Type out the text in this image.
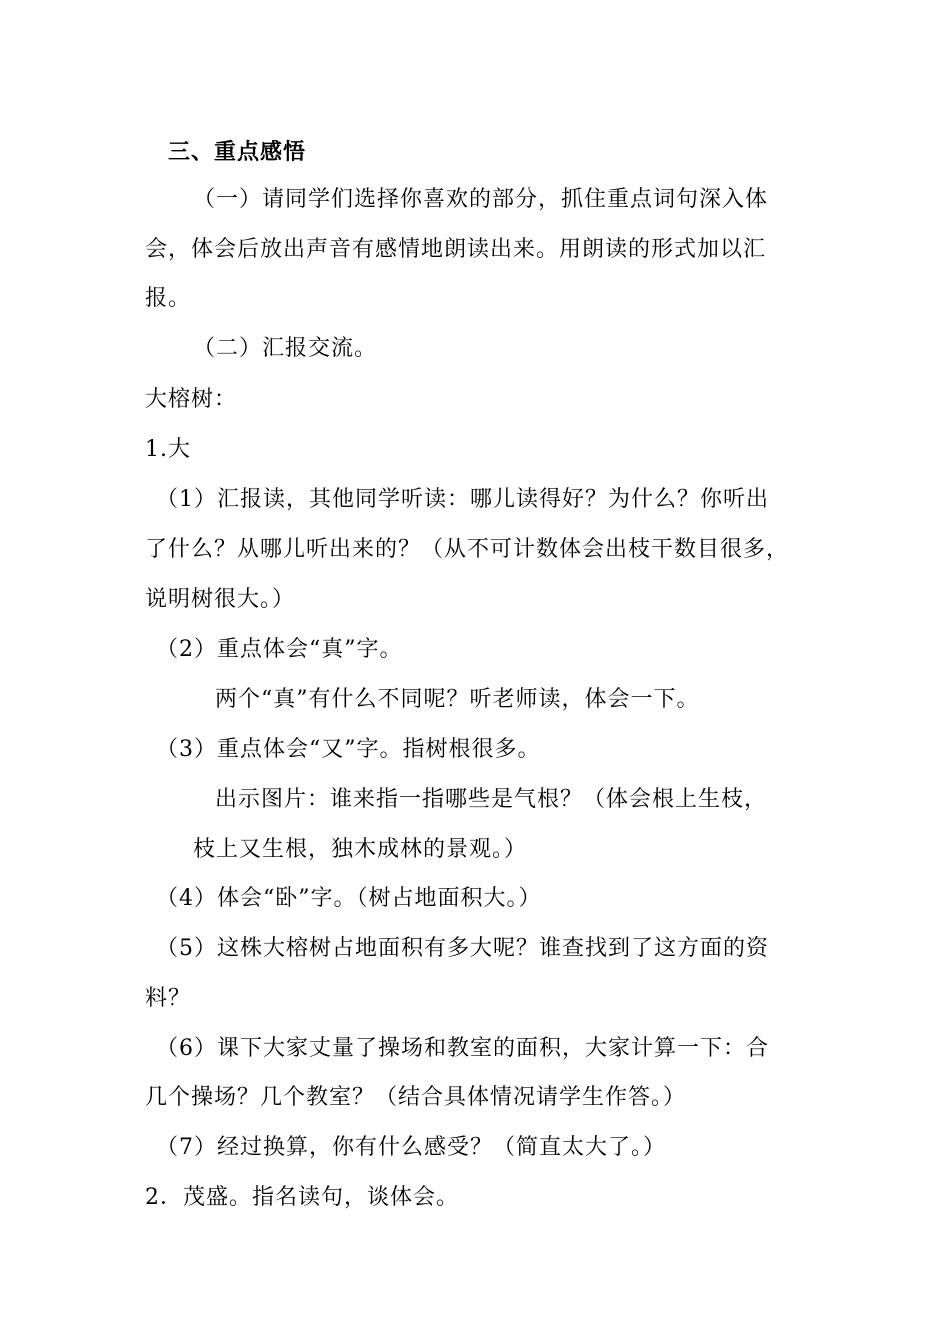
三、重点感悟
（一）请同学们选择你喜欢的部分，抓住重点词句深入体
会，体会后放出声音有感情地朗读出来。用朗读的形式加以汇
报。
（二）汇报交流。
大榕树：
1.大
（1）汇报读，其他同学听读：哪儿读得好？为什么？你听出
了什么？从哪儿听出来的？（从不可计数体会出枝干数目很多，
说明树很大。）
（2）重点体会“真”字。
两个“真”有什么不同呢？听老师读，体会一下。
（3）重点体会“又”字。指树根很多。
出示图片：谁来指一指哪些是气根？（体会根上生枝，
枝上又生根，独木成林的景观。）
（4）体会“卧”字。（树占地面积大。）
（5）这株大榕树占地面积有多大呢？谁查找到了这方面的资
料？
（6）课下大家丈量了操场和教室的面积，大家计算一下：合
几个操场？几个教室？（结合具体情况请学生作答。）
（7）经过换算，你有什么感受？（简直太大了。）
2．茂盛。指名读句，谈体会。
